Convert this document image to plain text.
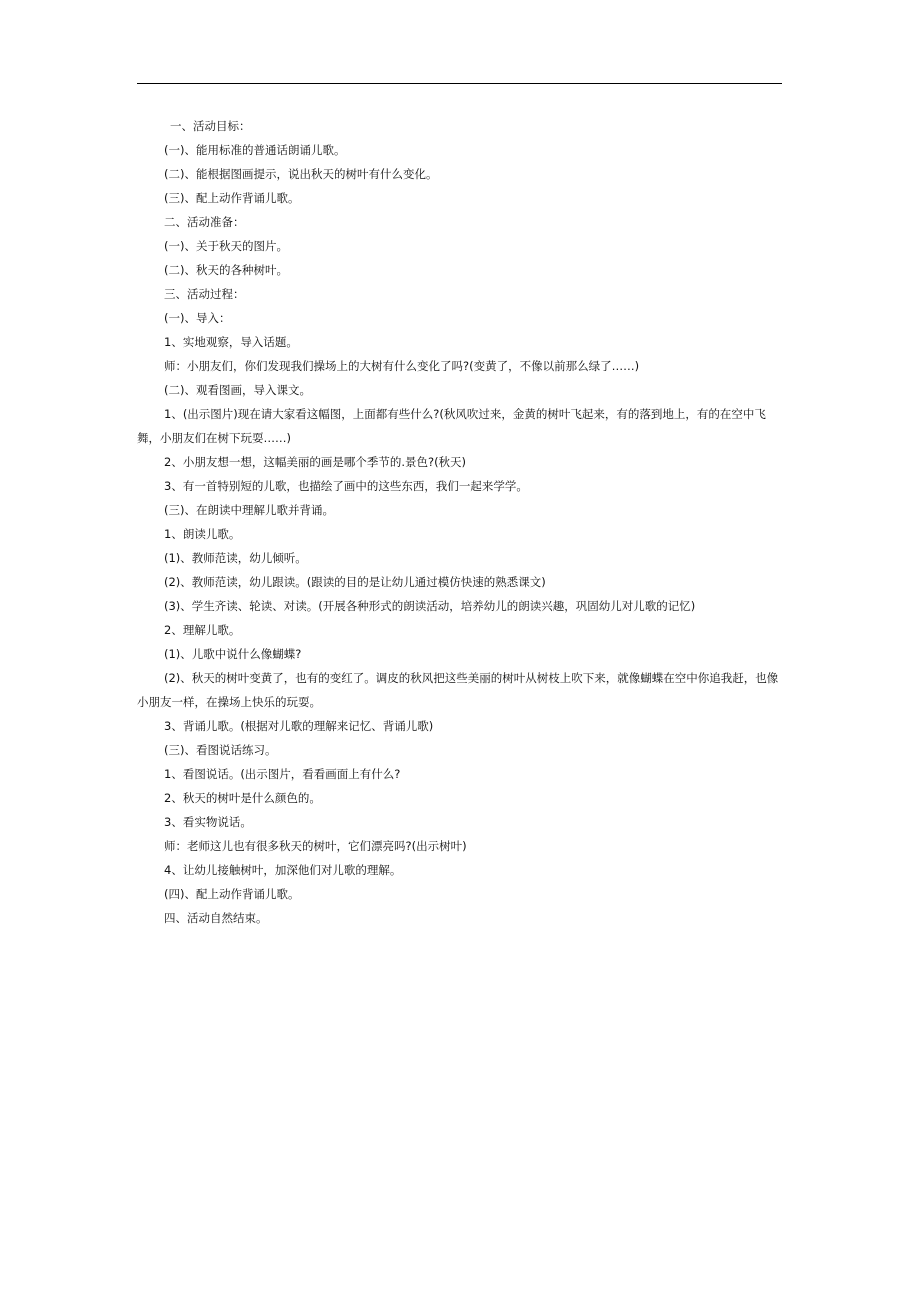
一、活动目标：
(一)、能用标准的普通话朗诵儿歌。
(二)、能根据图画提示，说出秋天的树叶有什么变化。
(三)、配上动作背诵儿歌。
二、活动准备：
(一)、关于秋天的图片。
(二)、秋天的各种树叶。
三、活动过程：
(一)、导入：
1、实地观察，导入话题。
师：小朋友们，你们发现我们操场上的大树有什么变化了吗?(变黄了，不像以前那么绿了……)
(二)、观看图画，导入课文。
1、(出示图片)现在请大家看这幅图，上面都有些什么?(秋风吹过来，金黄的树叶飞起来，有的落到地上，有的在空中飞舞，小朋友们在树下玩耍……)
2、小朋友想一想，这幅美丽的画是哪个季节的.景色?(秋天)
3、有一首特别短的儿歌，也描绘了画中的这些东西，我们一起来学学。
(三)、在朗读中理解儿歌并背诵。
1、朗读儿歌。
(1)、教师范读，幼儿倾听。
(2)、教师范读，幼儿跟读。(跟读的目的是让幼儿通过模仿快速的熟悉课文)
(3)、学生齐读、轮读、对读。(开展各种形式的朗读活动，培养幼儿的朗读兴趣，巩固幼儿对儿歌的记忆)
2、理解儿歌。
(1)、儿歌中说什么像蝴蝶?
(2)、秋天的树叶变黄了，也有的变红了。调皮的秋风把这些美丽的树叶从树枝上吹下来，就像蝴蝶在空中你追我赶，也像小朋友一样，在操场上快乐的玩耍。
3、背诵儿歌。(根据对儿歌的理解来记忆、背诵儿歌)
(三)、看图说话练习。
1、看图说话。(出示图片，看看画面上有什么?
2、秋天的树叶是什么颜色的。
3、看实物说话。
师：老师这儿也有很多秋天的树叶，它们漂亮吗?(出示树叶)
4、让幼儿接触树叶，加深他们对儿歌的理解。
(四)、配上动作背诵儿歌。
四、活动自然结束。
